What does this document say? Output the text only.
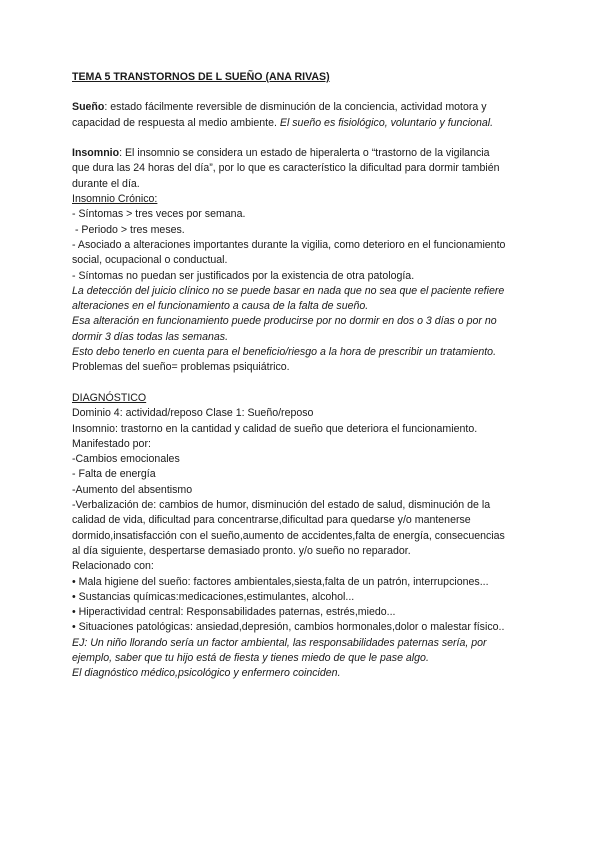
TEMA 5 TRANSTORNOS DE L SUEÑO (ANA RIVAS)
Sueño: estado fácilmente reversible de disminución de la conciencia, actividad motora y
capacidad de respuesta al medio ambiente. El sueño es fisiológico, voluntario y funcional.
Insomnio: El insomnio se considera un estado de hiperalerta o “trastorno de la vigilancia
que dura las 24 horas del día”, por lo que es característico la dificultad para dormir también
durante el día.
Insomnio Crónico:
- Síntomas > tres veces por semana.
- Periodo > tres meses.
- Asociado a alteraciones importantes durante la vigilia, como deterioro en el funcionamiento
social, ocupacional o conductual.
- Síntomas no puedan ser justificados por la existencia de otra patología.
La detección del juicio clínico no se puede basar en nada que no sea que el paciente refiere
alteraciones en el funcionamiento a causa de la falta de sueño.
Esa alteración en funcionamiento puede producirse por no dormir en dos o 3 días o por no
dormir 3 días todas las semanas.
Esto debo tenerlo en cuenta para el beneficio/riesgo a la hora de prescribir un tratamiento.
Problemas del sueño= problemas psiquiátrico.
DIAGNÓSTICO
Dominio 4: actividad/reposo Clase 1: Sueño/reposo
Insomnio: trastorno en la cantidad y calidad de sueño que deteriora el funcionamiento.
Manifestado por:
-Cambios emocionales
- Falta de energía
-Aumento del absentismo
-Verbalización de: cambios de humor, disminución del estado de salud, disminución de la
calidad de vida, dificultad para concentrarse,dificultad para quedarse y/o mantenerse
dormido,insatisfacción con el sueño,aumento de accidentes,falta de energía, consecuencias
al día siguiente, despertarse demasiado pronto. y/o sueño no reparador.
Relacionado con:
• Mala higiene del sueño: factores ambientales,siesta,falta de un patrón, interrupciones...
• Sustancias químicas:medicaciones,estimulantes, alcohol...
• Hiperactividad central: Responsabilidades paternas, estrés,miedo...
• Situaciones patológicas: ansiedad,depresión, cambios hormonales,dolor o malestar físico..
EJ: Un niño llorando sería un factor ambiental, las responsabilidades paternas sería, por
ejemplo, saber que tu hijo está de fiesta y tienes miedo de que le pase algo.
El diagnóstico médico,psicológico y enfermero coinciden.
